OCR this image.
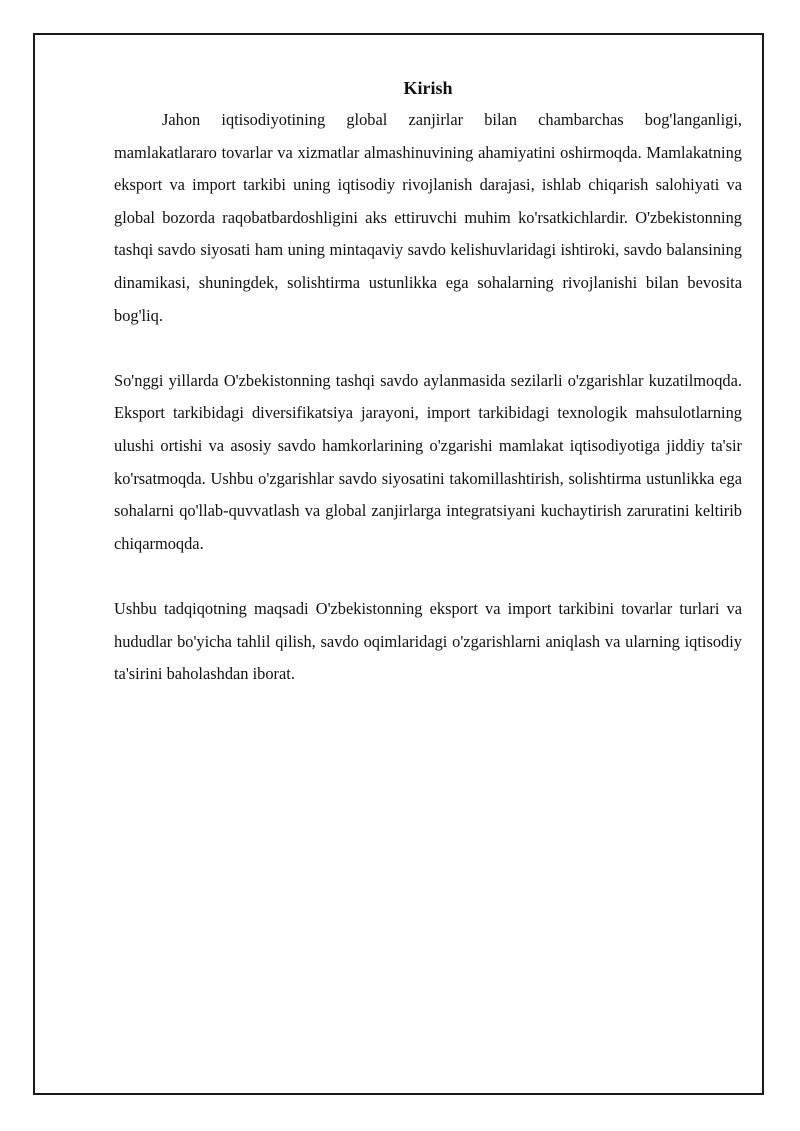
Kirish

Jahon iqtisodiyotining global zanjirlar bilan chambarchas bog'langanligi, mamlakatlararo tovarlar va xizmatlar almashinuvining ahamiyatini oshirmoqda. Mamlakatning eksport va import tarkibi uning iqtisodiy rivojlanish darajasi, ishlab chiqarish salohiyati va global bozorda raqobatbardoshligini aks ettiruvchi muhim ko'rsatkichlardir. O'zbekistonning tashqi savdo siyosati ham uning mintaqaviy savdo kelishuvlaridagi ishtiroki, savdo balansining dinamikasi, shuningdek, solishtirma ustunlikka ega sohalarning rivojlanishi bilan bevosita bog'liq.

So'nggi yillarda O'zbekistonning tashqi savdo aylanmasida sezilarli o'zgarishlar kuzatilmoqda. Eksport tarkibidagi diversifikatsiya jarayoni, import tarkibidagi texnologik mahsulotlarning ulushi ortishi va asosiy savdo hamkorlarining o'zgarishi mamlakat iqtisodiyotiga jiddiy ta'sir ko'rsatmoqda. Ushbu o'zgarishlar savdo siyosatini takomillashtirish, solishtirma ustunlikka ega sohalarni qo'llab-quvvatlash va global zanjirlarga integratsiyani kuchaytirish zaruratini keltirib chiqarmoqda.

Ushbu tadqiqotning maqsadi O'zbekistonning eksport va import tarkibini tovarlar turlari va hududlar bo'yicha tahlil qilish, savdo oqimlaridagi o'zgarishlarni aniqlash va ularning iqtisodiy ta'sirini baholashdan iborat.
